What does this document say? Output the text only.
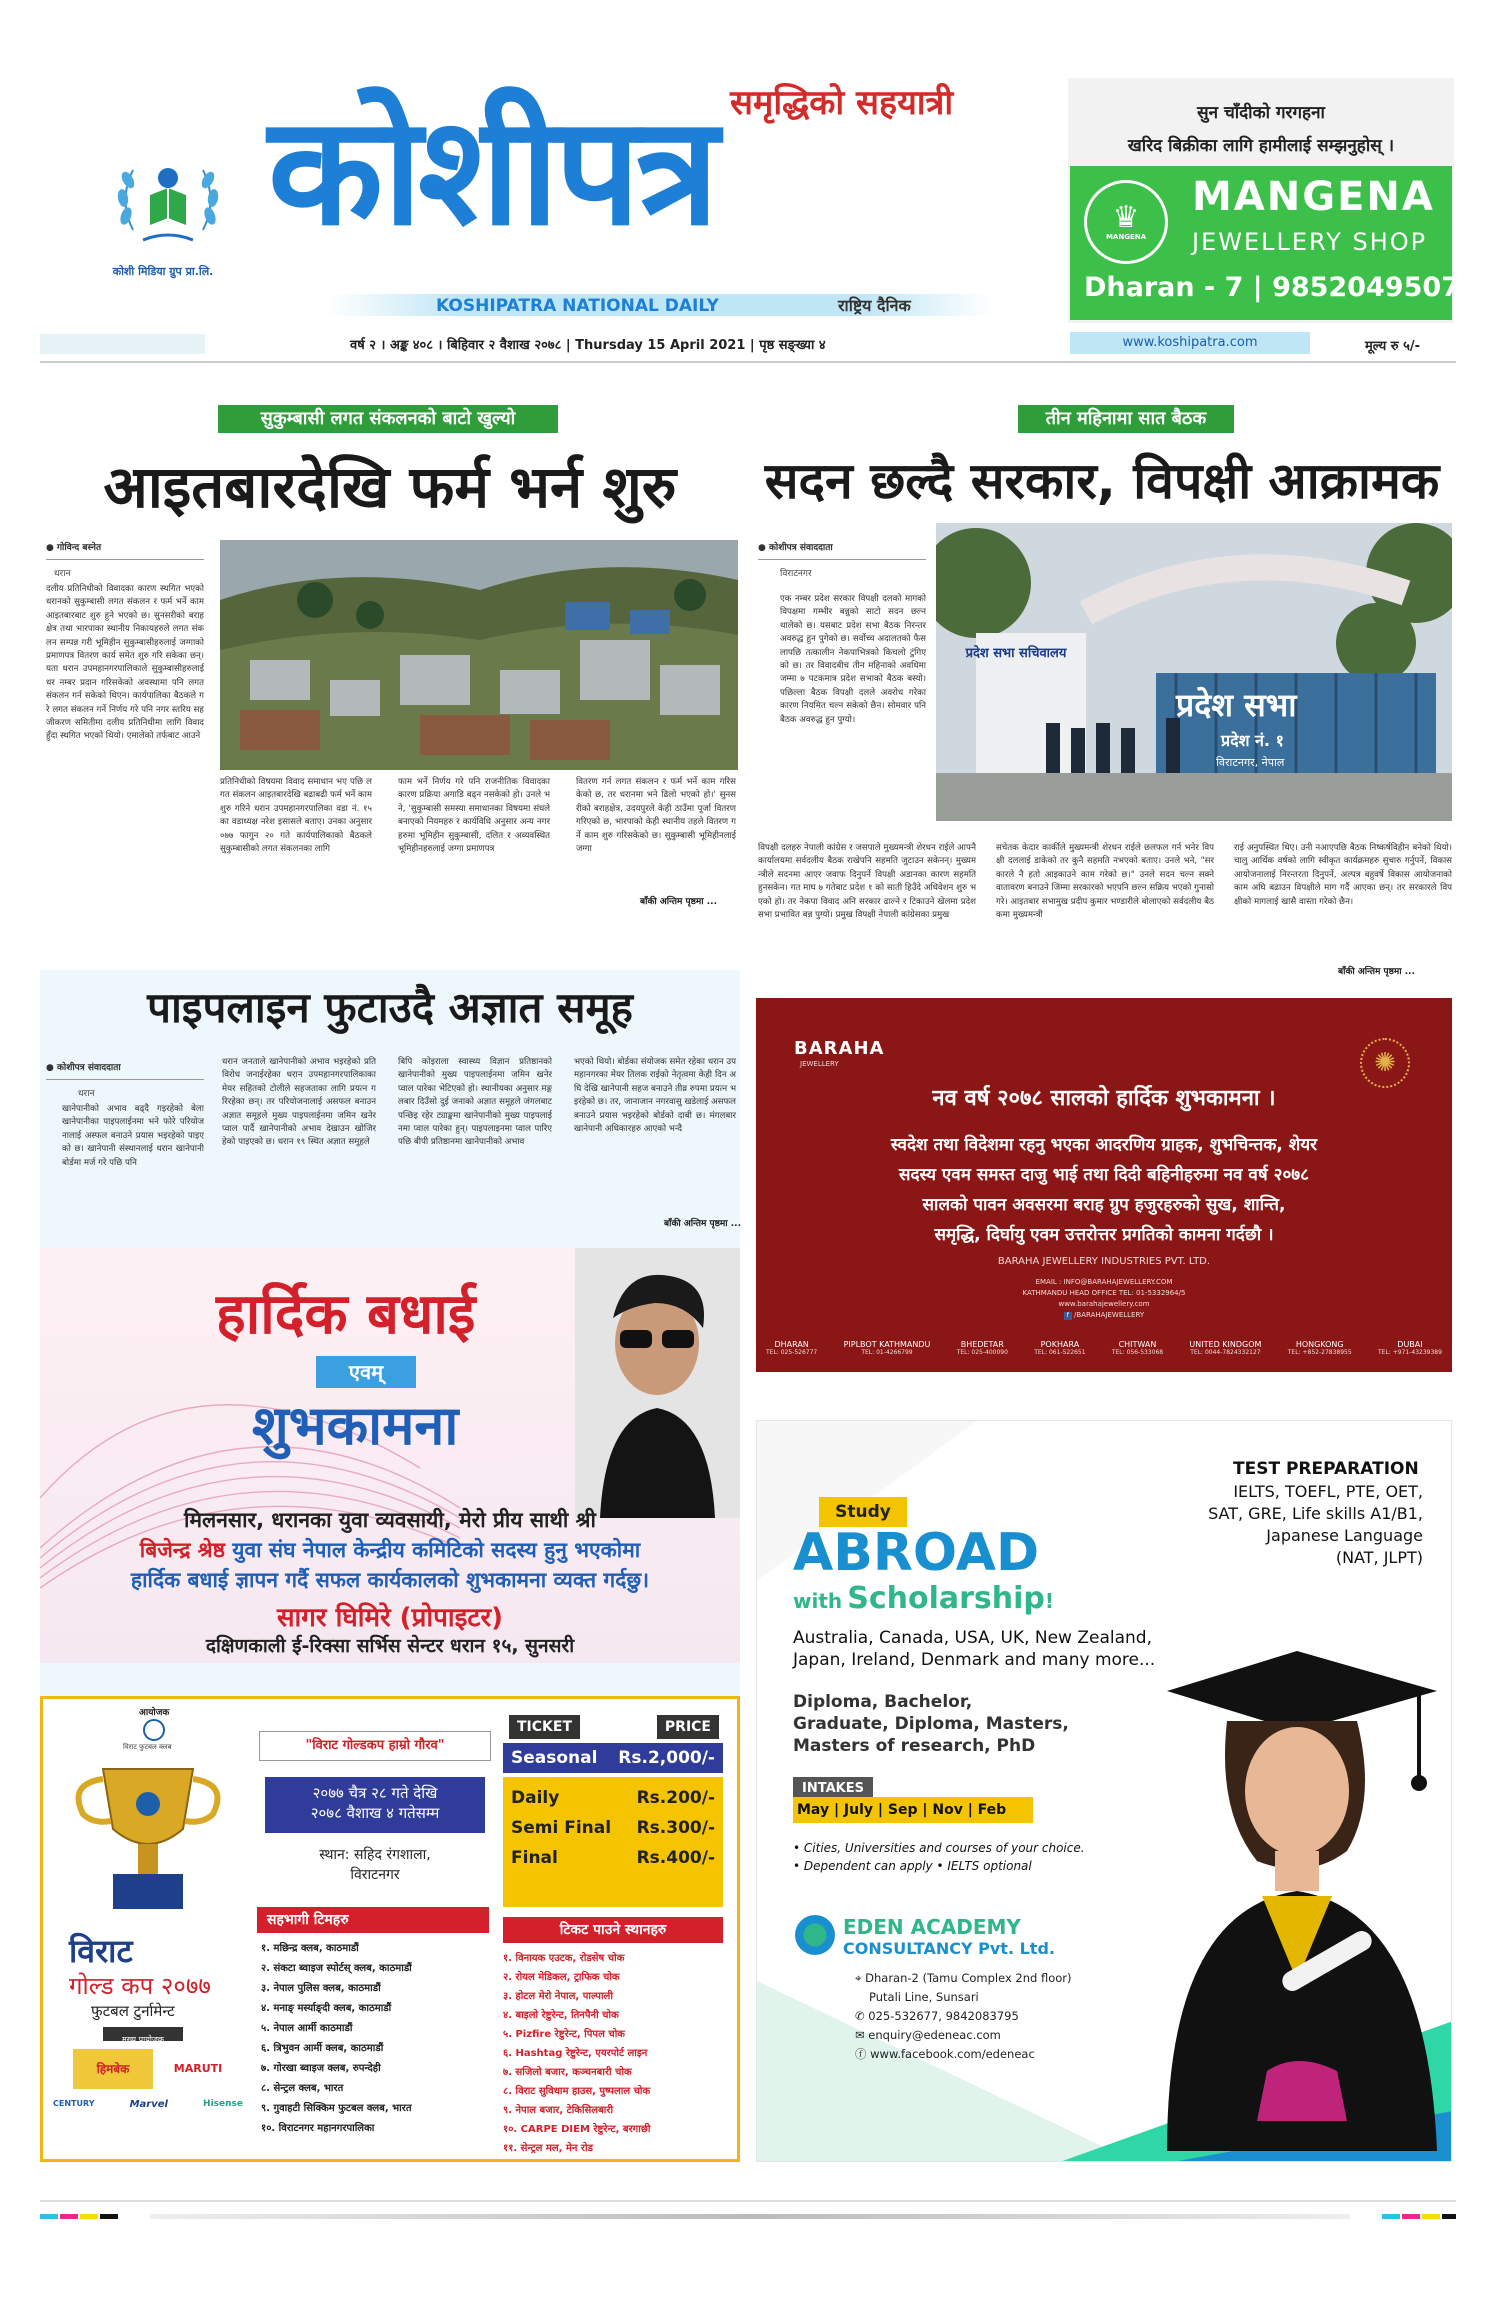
कोशी मिडिया ग्रुप प्रा.लि.
समृद्धिको सहयात्री
कोशीपत्र
KOSHIPATRA NATIONAL DAILY	राष्ट्रिय दैनिक
सुन चाँदीको गरगहना
खरिद बिक्रीका लागि हामीलाई सम्झनुहोस् ।
♛
MANGENA
MANGENA
JEWELLERY SHOP
Dharan - 7 | 9852049507
वर्ष २ । अङ्क ४०८ । बिहिवार २ वैशाख २०७८ | Thursday 15 April 2021 | पृष्ठ सङ्ख्या ४	www.koshipatra.com	मूल्य रु ५/-
सुकुम्बासी लगत संकलनको बाटो खुल्यो
आइतबारदेखि फर्म भर्न शुरु
● गोविन्द बस्नेत
धरान
दलीय प्रतिनिधीको विवादका कारण स्थगित भएको धरानको सुकुम्बासी लगत संकलन र फर्म भर्ने काम आइतबारबाट शुरु हुने भएको छ। सुनसरीको बराहक्षेत्र तथा भारपाका स्थानीय निकायहरुले लगत संकलन सम्पन्न गरी भूमिहीन सुकुम्बासीहरुलाई जग्गाको प्रमाणपत्र वितरण कार्य समेत शुरु गरि सकेका छन्। यता धरान उपमहानगरपालिकाले सुकुम्बासीहरुलाई धर नम्बर प्रदान गरिसकेको अवस्थामा पनि लगत संकलन गर्न सकेको थिएन। कार्यपालिका बैठकले गरे लगत संकलन गर्ने निर्णय गरे पनि नगर स्तरिय सहजीकरण समितीमा दलीय प्रतिनिधीमा लागि विवाद हुँदा स्थगित भएको थियो। एमालेको तर्फबाट आउने
प्रतिनिधीको विषयमा विवाद समाधान भए पछि लगत संकलन आइतबारदेखि बढाबढी फर्म भर्ने काम शुरु गरिने धरान उपमहानगरपालिका वडा नं. १५ का वडाध्यक्ष नरेश इसासले बताए। उनका अनुसार ०७७ फागुन २० गते कार्यपालिकाको बैठकले सुकुम्बासीको लगत संकलनका लागि
फाम भर्ने निर्णय गरे पनि राजनीतिक विवादका कारण प्रक्रिया अगाडि बढ्न नसकेको हो। उनले भने, 'सुकुम्बासी समस्या समाधानका विषयमा संघले बनाएको नियमहरु र कार्यविधि अनुसार अन्य नगरहरुमा भूमिहीन सुकुम्बासी, दलित र अव्यवस्थित भूमिहीनहरुलाई जग्गा प्रमाणपत्र
वितरण गर्न लगत संकलन र फर्म भर्ने काम गरिसकेको छ, तर धरानमा भने ढिलो भएको हो।' सुनसरीको बराहक्षेत्र, उदयपुरले केही ठाउँमा पूर्जा वितरण गरिएको छ, भारपाको केही स्थानीय तहले वितरण गर्ने काम शुरु गरिसकेको छ। सुकुम्बासी भूमिहीनलाई जग्गा
बाँकी अन्तिम पृष्ठमा ...
तीन महिनामा सात बैठक
सदन छल्दै सरकार, विपक्षी आक्रामक
● कोशीपत्र संवाददाता
विराटनगर
एक नम्बर प्रदेश सरकार विपक्षी दलको मागको विपक्षमा गम्भीर बन्नुको साटो सदन छल्न थालेको छ। यसबाट प्रदेश सभा बैठक निरन्तर अवरुद्ध हुन पुगेको छ। सर्वोच्च अदालतको फैसलापछि तत्कालीन नेकपाभित्रको किचलो टुंगिएको छ। तर विवादबीच तीन महिनाको अवधिमा जम्मा ७ पटकमात्र प्रदेश सभाको बैठक बस्यो। पछिल्ला बैठक विपक्षी दलले अवरोध गरेका कारण नियमित चल्न सकेको छैन। सोमवार पनि बैठक अवरुद्ध हुन पुग्यो।
प्रदेश सभा सचिवालय
प्रदेश सभा
प्रदेश नं. १
विराटनगर, नेपाल
विपक्षी दलहरु नेपाली कांग्रेस र जसपाले मुख्यमन्त्री शेरधन राईले आफ्नै कार्यालयमा सर्वदलीय बैठक राखेपनि सहमति जुटाउन सकेनन्। मुख्यमन्त्रीले सदनमा आएर जवाफ दिनुपर्ने विपक्षी अडानका कारण सहमति हुनसकेन। गत माघ ७ गतेबाट प्रदेश १ को साती हिउँदे अधिवेशन शुरु भएको हो। तर नेकपा विवाद अनि सरकार ढाल्ने र टिकाउने खेलमा प्रदेशसभा प्रभावित बन्न पुग्यो। प्रमुख विपक्षी नेपाली कांग्रेसका प्रमुख
सचेतक केदार कार्कीले मुख्यमन्त्री शेरधन राईले छलफल गर्न भनेर विपक्षी दललाई डाकेको तर कुनै सहमति नभएको बताए। उनले भने, "सरकारले नै हतो आइकाउने काम गरेको छ।" उनले सदन चल्न सक्ने वातावरण बनाउने जिम्मा सरकारको भएपनि छल्न सक्रिय भएको गुनासो गरे। आइतबार सभामुख प्रदीप कुमार भण्डारीले बोलाएको सर्वदलीय बैठकमा मुख्यमन्त्री
राई अनुपस्थित थिए। उनी नआएपछि बैठक निष्कर्षविहीन बनेको थियो। चालु आर्थिक वर्षको लागि स्वीकृत कार्यक्रमहरु सुचारु गर्नुपर्ने, विकास आयोजनालाई निरन्तरता दिनुपर्ने, अल्पत्र बहुवर्षे विकास आयोजनाको काम अघि बढाउन विपक्षीले माग गर्दै आएका छन्। तर सरकारले विपक्षीको मागलाई खासै वास्ता गरेको छैन।
बाँकी अन्तिम पृष्ठमा ...
पाइपलाइन फुटाउदै अज्ञात समूह
● कोशीपत्र संवाददाता
धरान
खानेपानीको अभाव बढ्दै गइरहेको बेला खानेपानीका पाइपलाईनमा भने फोरे परियोजनालाई अस्फल बनाउने प्रयास भइरहेको पाइएको छ। खानेपानी संस्थानलाई धरान खानेपानी बोर्डमा मर्ज गरे पछि पनि
धरान जनताले खानेपानीको अभाव भइरहेको प्रति विरोध जनाईरहेका धरान उपमहानगरपालिकाका मेयर सहितको टोलीले सहजताका लागि प्रयत्न गरिरहेका छन्। तर परियोजनालाई असफल बनाउन अज्ञात समूहले मुख्य पाइपलाईनमा जमिन खनेर प्वाल पार्दै खानेपानीको अभाव देखाउन खोजिरहेको पाइएको छ। धरान १९ स्थित अज्ञात समूहले
बिपि कोइराला स्वास्थ्य विज्ञान प्रतिष्ठानको खानेपानीको मुख्य पाइपलाईनमा जमिन खनेर प्वाल पारेका भेटिएको हो। स्थानीयका अनुसार मङ्गलबार दिउँसो दुई जनाको अज्ञात समूहले जंगलबाट पन्छिइ रहेर ट्याङ्कमा खानेपानीको मुख्य पाइपलाईनमा प्वाल पारेका हुन्। पाइपलाइनमा प्वाल पारिएपछि बीपी प्रतिष्ठानमा खानेपानीको अभाव
भएको थियो। बोर्डका संयोजक समेत रहेका धरान उपमहानगरका मेयर तिलक राईको नेतृत्वमा केही दिन अघि देखि खानेपानी सहज बनाउने तीव्र रुपमा प्रयत्न भइरहेको छ। तर, जानाजान नगरवासु खडेलाई असफल बनाउने प्रयास भइरहेको बोर्डको दाबी छ। मंगलबार खानेपानी अधिकारहरु आएको भन्दै
बाँकी अन्तिम पृष्ठमा ...
हार्दिक बधाई
एवम्
शुभकामना
मिलनसार, धरानका युवा व्यवसायी, मेरो प्रीय साथी श्री
बिजेन्द्र श्रेष्ठ युवा संघ नेपाल केन्द्रीय कमिटिको सदस्य हुनु भएकोमा
हार्दिक बधाई ज्ञापन गर्दै सफल कार्यकालको शुभकामना व्यक्त गर्दछु।
सागर घिमिरे (प्रोपाइटर)
दक्षिणकाली ई-रिक्सा सर्भिस सेन्टर धरान १५, सुनसरी
BARAHA
JEWELLERY	✺
नव वर्ष २०७८ सालको हार्दिक शुभकामना ।
स्वदेश तथा विदेशमा रहनु भएका आदरणिय ग्राहक, शुभचिन्तक, शेयर
सदस्य एवम समस्त दाजु भाई तथा दिदी बहिनीहरुमा नव वर्ष २०७८
सालको पावन अवसरमा बराह ग्रुप हजुरहरुको सुख, शान्ति,
समृद्धि, दिर्घायु एवम उत्तरोत्तर प्रगतिको कामना गर्दछौ ।
BARAHA JEWELLERY INDUSTRIES PVT. LTD.
EMAIL : INFO@BARAHAJEWELLERY.COM
KATHMANDU HEAD OFFICE TEL: 01-5332964/5
www.barahajewellery.com
f /BARAHAJEWELLERY
DHARAN
TEL: 025-526777
PIPLBOT KATHMANDU
TEL: 01-4266799
BHEDETAR
TEL: 025-400090
POKHARA
TEL: 061-522651
CHITWAN
TEL: 056-533068
UNITED KINDGOM
TEL: 0044-7824332127
HONGKONG
TEL: +852-27838955
DUBAI
TEL: +971-43239389
TEST PREPARATION
IELTS, TOEFL, PTE, OET,
SAT, GRE, Life skills A1/B1,
Japanese Language
(NAT, JLPT)
Study
ABROAD
with Scholarship!
Australia, Canada, USA, UK, New Zealand, Japan, Ireland, Denmark and many more...
Diploma, Bachelor, Graduate, Diploma, Masters, Masters of research, PhD
INTAKES
May | July | Sep | Nov | Feb
• Cities, Universities and courses of your choice.
• Dependent can apply • IELTS optional
EDEN ACADEMY
CONSULTANCY Pvt. Ltd.
⌖ Dharan-2 (Tamu Complex 2nd floor)
Putali Line, Sunsari
✆ 025-532677, 9842083795
✉ enquiry@edeneac.com
ⓕ www.facebook.com/edeneac
आयोजक
विराट फुटबल क्लब
विराट
गोल्ड कप २०७७
फुटबल टुर्नामेन्ट
मुख्य प्रायोजक
हिमबेक	MARUTI
CENTURY	Marvel	Hisense
"विराट गोल्डकप हाम्रो गौरव"
२०७७ चैत्र २८ गते देखि
२०७८ वैशाख ४ गतेसम्म
स्थान: सहिद रंगशाला,
विराटनगर
सहभागी टिमहरु
१. मछिन्द्र क्लब, काठमाडौं
२. संकटा ब्वाइज स्पोर्टस् क्लब, काठमाडौं
३. नेपाल पुलिस क्लब, काठमाडौं
४. मनाङ् मर्स्याङ्दी क्लब, काठमाडौं
५. नेपाल आर्मी काठमाडौं
६. त्रिभुवन आर्मी क्लब, काठमाडौं
७. गोरखा ब्वाइज क्लब, रुपन्देही
८. सेन्ट्रल क्लब, भारत
९. गुवाहटी सिक्किम फुटबल क्लब, भारत
१०. विराटनगर महानगरपालिका
TICKET	PRICE
Seasonal Rs.2,000/-
Daily	Rs.200/-
Semi Final Rs.300/-
Final	Rs.400/-
टिकट पाउने स्थानहरु
१. विनायक एउटक, रोडसेष चोक
२. रोयल मेडिकल, ट्राफिक चोक
३. होटल मेरो नेपाल, पाल्पाली
४. बाइलो रेष्टुरेन्ट, तिनपैनी चोक
५. Pizfire रेष्टुरेन्ट, पिपल चोक
६. Hashtag रेष्टुरेन्ट, एयरपोर्ट लाइन
७. सजिलो बजार, कञ्चनबारी चोक
८. विराट सुविधाम हाउस, पुष्पलाल चोक
९. नेपाल बजार, टेकिसिलबारी
१०. CARPE DIEM रेष्टुरेन्ट, बरगाछी
११. सेन्ट्रल मल, मेन रोड
